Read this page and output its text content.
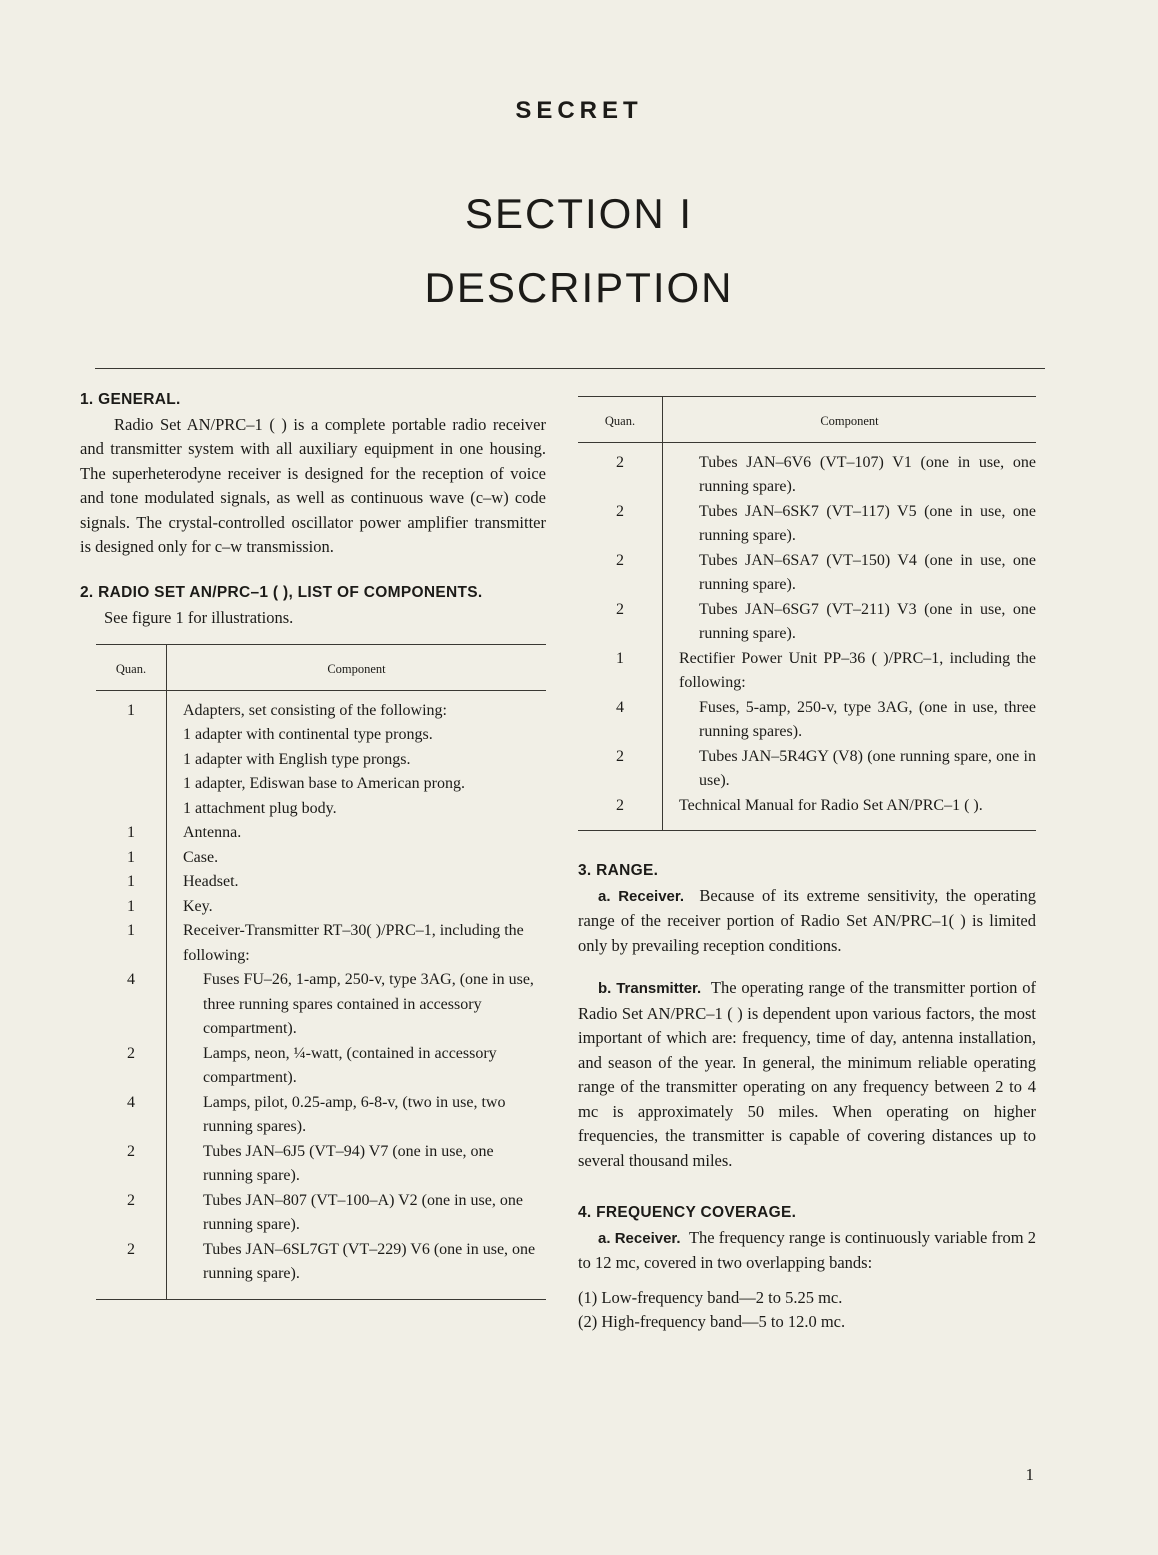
SECRET
SECTION I
DESCRIPTION
1. GENERAL.

Radio Set AN/PRC–1 ( ) is a complete portable radio receiver and transmitter system with all auxiliary equipment in one housing. The superheterodyne receiver is designed for the reception of voice and tone modulated signals, as well as continuous wave (c–w) code signals. The crystal-controlled oscillator power amplifier transmitter is designed only for c–w transmission.

2. RADIO SET AN/PRC–1 ( ), LIST OF COMPONENTS.

See figure 1 for illustrations.

Quan.	Component
1	Adapters, set consisting of the following:
1 adapter with continental type prongs.
1 adapter with English type prongs.
1 adapter, Ediswan base to American prong.
1 attachment plug body.

1	Antenna.

1	Case.

1	Headset.

1	Key.

1	Receiver-Transmitter RT–30( )/PRC–1, including the following:

4	Fuses FU–26, 1-amp, 250-v, type 3AG, (one in use, three running spares contained in accessory compartment).

2	Lamps, neon, ¼-watt, (contained in accessory compartment).

4	Lamps, pilot, 0.25-amp, 6-8-v, (two in use, two running spares).

2	Tubes JAN–6J5 (VT–94) V7 (one in use, one running spare).

2	Tubes JAN–807 (VT–100–A) V2 (one in use, one running spare).

2	Tubes JAN–6SL7GT (VT–229) V6 (one in use, one running spare).
Quan.	Component
2	Tubes JAN–6V6 (VT–107) V1 (one in use, one running spare).

2	Tubes JAN–6SK7 (VT–117) V5 (one in use, one running spare).

2	Tubes JAN–6SA7 (VT–150) V4 (one in use, one running spare).

2	Tubes JAN–6SG7 (VT–211) V3 (one in use, one running spare).

1	Rectifier Power Unit PP–36 ( )/PRC–1, including the following:

4	Fuses, 5-amp, 250-v, type 3AG, (one in use, three running spares).

2	Tubes JAN–5R4GY (V8) (one running spare, one in use).

2	Technical Manual for Radio Set AN/PRC–1 ( ).
3. RANGE.

a. Receiver. Because of its extreme sensitivity, the operating range of the receiver portion of Radio Set AN/PRC–1( ) is limited only by prevailing reception conditions.

b. Transmitter. The operating range of the transmitter portion of Radio Set AN/PRC–1 ( ) is dependent upon various factors, the most important of which are: frequency, time of day, antenna installation, and season of the year. In general, the minimum reliable operating range of the transmitter operating on any frequency between 2 to 4 mc is approximately 50 miles. When operating on higher frequencies, the transmitter is capable of covering distances up to several thousand miles.

4. FREQUENCY COVERAGE.

a. Receiver. The frequency range is continuously variable from 2 to 12 mc, covered in two overlapping bands:

(1) Low-frequency band—2 to 5.25 mc.
(2) High-frequency band—5 to 12.0 mc.
1
